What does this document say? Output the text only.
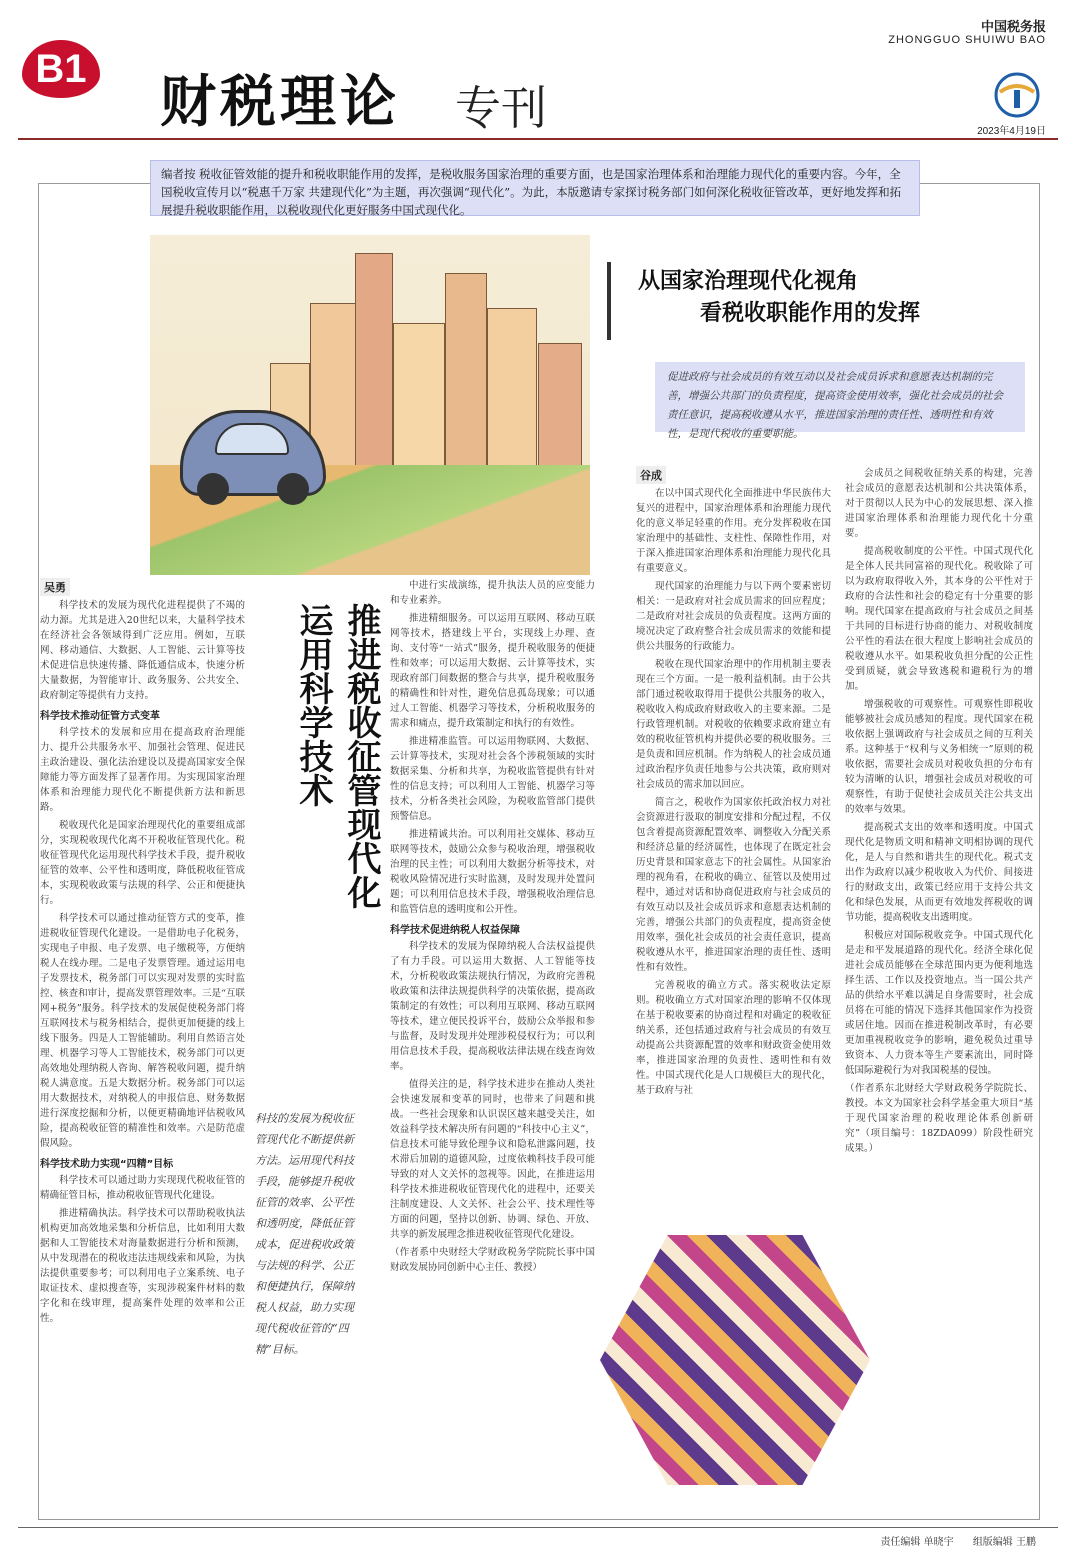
B1
财税理论 专刊
中国税务报
ZHONGGUO SHUIWU BAO
2023年4月19日
编者按 税收征管效能的提升和税收职能作用的发挥，是税收服务国家治理的重要方面，也是国家治理体系和治理能力现代化的重要内容。今年，全国税收宣传月以“税惠千万家 共建现代化”为主题，再次强调“现代化”。为此，本版邀请专家探讨税务部门如何深化税收征管改革，更好地发挥和拓展提升税收职能作用，以税收现代化更好服务中国式现代化。
吴勇

科学技术的发展为现代化进程提供了不竭的动力源。尤其是进入20世纪以来，大量科学技术在经济社会各领域得到广泛应用。例如，互联网、移动通信、大数据、人工智能、云计算等技术促进信息快速传播、降低通信成本，快速分析大量数据，为智能审计、政务服务、公共安全、政府制定等提供有力支持。

科学技术推动征管方式变革

科学技术的发展和应用在提高政府治理能力、提升公共服务水平、加强社会管理、促进民主政治建设、强化法治建设以及提高国家安全保障能力等方面发挥了显著作用。为实现国家治理体系和治理能力现代化不断提供新方法和新思路。

税收现代化是国家治理现代化的重要组成部分，实现税收现代化离不开税收征管现代化。税收征管现代化运用现代科学技术手段，提升税收征管的效率、公平性和透明度，降低税收征管成本，实现税收政策与法规的科学、公正和便捷执行。

科学技术可以通过推动征管方式的变革，推进税收征管现代化建设。一是借助电子化税务，实现电子申报、电子发票、电子缴税等，方便纳税人在线办理。二是电子发票管理。通过运用电子发票技术，税务部门可以实现对发票的实时监控、核查和审计，提高发票管理效率。三是“互联网+税务”服务。科学技术的发展促使税务部门将互联网技术与税务相结合，提供更加便捷的线上线下服务。四是人工智能辅助。利用自然语言处理、机器学习等人工智能技术，税务部门可以更高效地处理纳税人咨询、解答税收问题，提升纳税人满意度。五是大数据分析。税务部门可以运用大数据技术，对纳税人的申报信息、财务数据进行深度挖掘和分析，以便更精确地评估税收风险，提高税收征管的精准性和效率。六是防范虚假风险。

科学技术助力实现“四精”目标

科学技术可以通过助力实现现代税收征管的精确征管目标，推动税收征管现代化建设。

推进精确执法。科学技术可以帮助税收执法机构更加高效地采集和分析信息，比如利用大数据和人工智能技术对海量数据进行分析和预测，从中发现潜在的税收违法违规线索和风险，为执法提供重要参考；可以利用电子立案系统、电子取证技术、虚拟搜查等，实现涉税案件材料的数字化和在线审理，提高案件处理的效率和公正性。

推进税收征管现代化
运用科学技术
科技的发展为税收征管现代化不断提供新方法。运用现代科技手段，能够提升税收征管的效率、公平性和透明度，降低征管成本，促进税收政策与法规的科学、公正和便捷执行，保障纳税人权益，助力实现现代税收征管的“四精”目标。

中进行实战演练，提升执法人员的应变能力和专业素养。

推进精细服务。可以运用互联网、移动互联网等技术，搭建线上平台，实现线上办理、查询、支付等“一站式”服务，提升税收服务的便捷性和效率；可以运用大数据、云计算等技术，实现政府部门间数据的整合与共享，提升税收服务的精确性和针对性，避免信息孤岛现象；可以通过人工智能、机器学习等技术，分析税收服务的需求和痛点，提升政策制定和执行的有效性。

推进精准监管。可以运用物联网、大数据、云计算等技术，实现对社会各个涉税领域的实时数据采集、分析和共享，为税收监管提供有针对性的信息支持；可以利用人工智能、机器学习等技术，分析各类社会风险，为税收监管部门提供预警信息。

推进精诚共治。可以利用社交媒体、移动互联网等技术，鼓励公众参与税收治理，增强税收治理的民主性；可以利用大数据分析等技术，对税收风险情况进行实时监测，及时发现并处置问题；可以利用信息技术手段，增强税收治理信息和监管信息的透明度和公开性。

科学技术促进纳税人权益保障

科学技术的发展为保障纳税人合法权益提供了有力手段。可以运用大数据、人工智能等技术，分析税收政策法规执行情况，为政府完善税收政策和法律法规提供科学的决策依据，提高政策制定的有效性；可以利用互联网、移动互联网等技术，建立便民投诉平台，鼓励公众举报和参与监督，及时发现并处理涉税侵权行为；可以利用信息技术手段，提高税收法律法规在线查询效率。

值得关注的是，科学技术进步在推动人类社会快速发展和变革的同时，也带来了问题和挑战。一些社会现象和认识误区越来越受关注，如效益科学技术解决所有问题的“科技中心主义”，信息技术可能导致伦理争议和隐私泄露问题，技术滞后加剧的道德风险，过度依赖科技手段可能导致的对人文关怀的忽视等。因此，在推进运用科学技术推进税收征管现代化的进程中，还要关注制度建设、人文关怀、社会公平、技术理性等方面的问题，坚持以创新、协调、绿色、开放、共享的新发展理念推进税收征管现代化建设。

（作者系中央财经大学财政税务学院院长事中国财政发展协同创新中心主任、教授）

从国家治理现代化视角
看税收职能作用的发挥
促进政府与社会成员的有效互动以及社会成员诉求和意愿表达机制的完善，增强公共部门的负责程度，提高资金使用效率，强化社会成员的社会责任意识，提高税收遵从水平，推进国家治理的责任性、透明性和有效性，是现代税收的重要职能。
谷成

在以中国式现代化全面推进中华民族伟大复兴的进程中，国家治理体系和治理能力现代化的意义举足轻重的作用。充分发挥税收在国家治理中的基础性、支柱性、保障性作用，对于深入推进国家治理体系和治理能力现代化具有重要意义。

现代国家的治理能力与以下两个要素密切相关：一是政府对社会成员需求的回应程度；二是政府对社会成员的负责程度。这两方面的境况决定了政府整合社会成员需求的效能和提供公共服务的行政能力。

税收在现代国家治理中的作用机制主要表现在三个方面。一是一般利益机制。由于公共部门通过税收取得用于提供公共服务的收入，税收收入构成政府财政收入的主要来源。二是行政管理机制。对税收的依赖要求政府建立有效的税收征管机构并提供必要的税收服务。三是负责和回应机制。作为纳税人的社会成员通过政治程序负责任地参与公共决策，政府则对社会成员的需求加以回应。

简言之，税收作为国家依托政治权力对社会资源进行汲取的制度安排和分配过程，不仅包含着提高资源配置效率、调整收入分配关系和经济总量的经济属性，也体现了在既定社会历史背景和国家意志下的社会属性。从国家治理的视角看，在税收的确立、征管以及使用过程中，通过对话和协商促进政府与社会成员的有效互动以及社会成员诉求和意愿表达机制的完善，增强公共部门的负责程度，提高资金使用效率，强化社会成员的社会责任意识，提高税收遵从水平，推进国家治理的责任性、透明性和有效性。

完善税收的确立方式。落实税收法定原则。税收确立方式对国家治理的影响不仅体现在基于税收要素的协商过程和对确定的税收征纳关系，还包括通过政府与社会成员的有效互动提高公共资源配置的效率和财政资金使用效率，推进国家治理的负责性、透明性和有效性。中国式现代化是人口规模巨大的现代化，基于政府与社

会成员之间税收征纳关系的构建，完善社会成员的意愿表达机制和公共决策体系，对于贯彻以人民为中心的发展思想、深入推进国家治理体系和治理能力现代化十分重要。

提高税收制度的公平性。中国式现代化是全体人民共同富裕的现代化。税收除了可以为政府取得收入外，其本身的公平性对于政府的合法性和社会的稳定有十分重要的影响。现代国家在提高政府与社会成员之间基于共同的目标进行协商的能力、对税收制度公平性的看法在很大程度上影响社会成员的税收遵从水平。如果税收负担分配的公正性受到质疑，就会导致逃税和避税行为的增加。

增强税收的可观察性。可观察性即税收能够被社会成员感知的程度。现代国家在税收依据上强调政府与社会成员之间的互利关系。这种基于“权利与义务相统一”原则的税收依据，需要社会成员对税收负担的分布有较为清晰的认识，增强社会成员对税收的可观察性，有助于促使社会成员关注公共支出的效率与效果。

提高税式支出的效率和透明度。中国式现代化是物质文明和精神文明相协调的现代化，是人与自然和谐共生的现代化。税式支出作为政府以减少税收收入为代价、间接进行的财政支出，政策已经应用于支持公共文化和绿色发展，从而更有效地发挥税收的调节功能，提高税收支出透明度。

积极应对国际税收竞争。中国式现代化是走和平发展道路的现代化。经济全球化促进社会成员能够在全球范围内更为便利地选择生活、工作以及投资地点。当一国公共产品的供给水平难以满足自身需要时，社会成员将在可能的情况下选择其他国家作为投资或居住地。因而在推进税制改革时，有必要更加重视税收竞争的影响，避免税负过重导致资本、人力资本等生产要素流出，同时降低国际避税行为对我国税基的侵蚀。

（作者系东北财经大学财政税务学院院长、教授。本文为国家社会科学基金重大项目“基于现代国家治理的税收理论体系创新研究”（项目编号：18ZDA099）阶段性研究成果。）

责任编辑 单晓宇 组版编辑 王鹏
